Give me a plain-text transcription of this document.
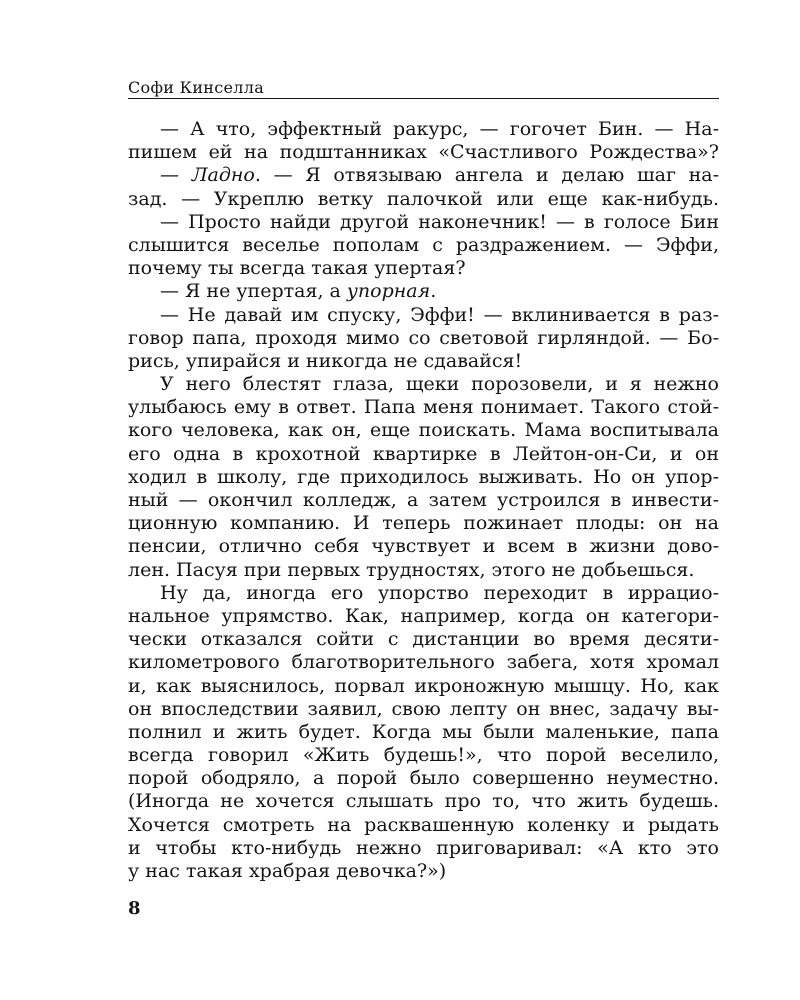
Софи Кинселла
— А что, эффектный ракурс, — гогочет Бин. — На-
пишем ей на подштанниках «Счастливого Рождества»?
— Ладно. — Я отвязываю ангела и делаю шаг на-
зад. — Укреплю ветку палочкой или еще как-нибудь.
— Просто найди другой наконечник! — в голосе Бин
слышится веселье пополам с раздражением. — Эффи,
почему ты всегда такая упертая?
— Я не упертая, а упорная.
— Не давай им спуску, Эффи! — вклинивается в раз-
говор папа, проходя мимо со световой гирляндой. — Бо-
рись, упирайся и никогда не сдавайся!
У него блестят глаза, щеки порозовели, и я нежно
улыбаюсь ему в ответ. Папа меня понимает. Такого стой-
кого человека, как он, еще поискать. Мама воспитывала
его одна в крохотной квартирке в Лейтон-он-Си, и он
ходил в школу, где приходилось выживать. Но он упор-
ный — окончил колледж, а затем устроился в инвести-
ционную компанию. И теперь пожинает плоды: он на
пенсии, отлично себя чувствует и всем в жизни дово-
лен. Пасуя при первых трудностях, этого не добьешься.
Ну да, иногда его упорство переходит в иррацио-
нальное упрямство. Как, например, когда он категори-
чески отказался сойти с дистанции во время десяти-
километрового благотворительного забега, хотя хромал
и, как выяснилось, порвал икроножную мышцу. Но, как
он впоследствии заявил, свою лепту он внес, задачу вы-
полнил и жить будет. Когда мы были маленькие, папа
всегда говорил «Жить будешь!», что порой веселило,
порой ободряло, а порой было совершенно неуместно.
(Иногда не хочется слышать про то, что жить будешь.
Хочется смотреть на расквашенную коленку и рыдать
и чтобы кто-нибудь нежно приговаривал: «А кто это
у нас такая храбрая девочка?»)
8
